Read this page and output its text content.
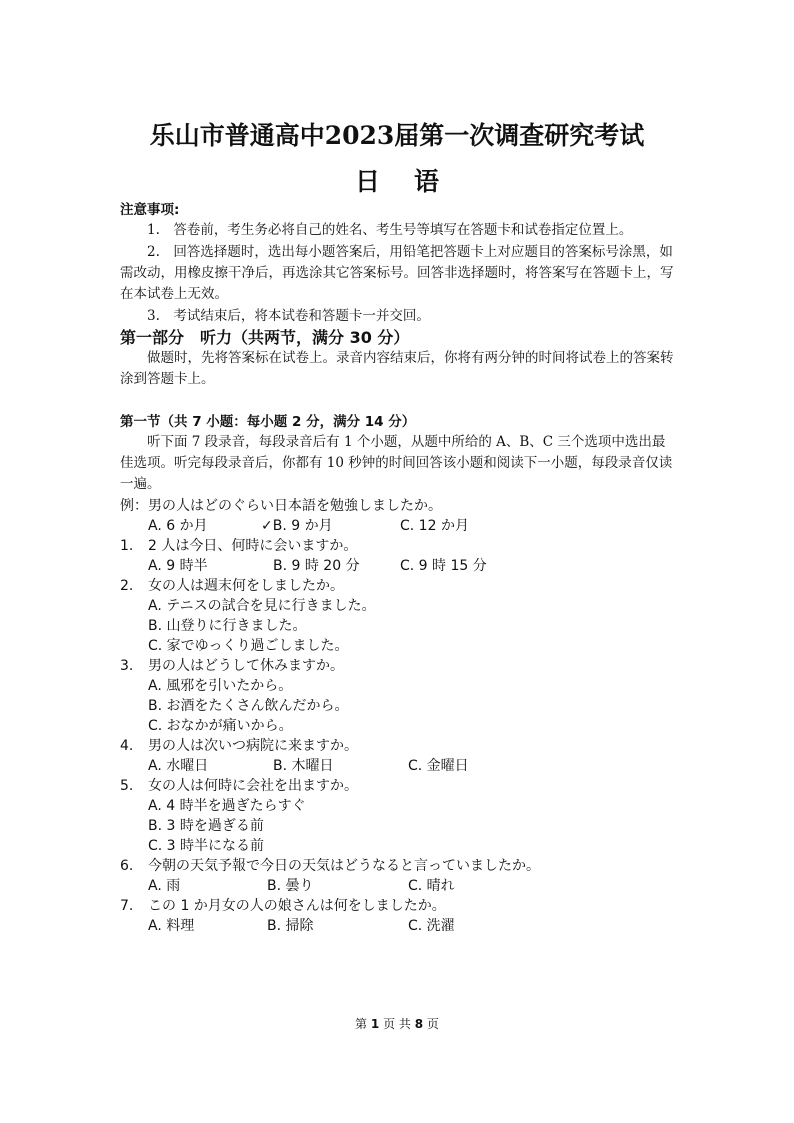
乐山市普通高中2023届第一次调查研究考试
日语
注意事项:
1.　答卷前，考生务必将自己的姓名、考生号等填写在答题卡和试卷指定位置上。
2.　回答选择题时，选出每小题答案后，用铅笔把答题卡上对应题目的答案标号涂黑，如需改动，用橡皮擦干净后，再选涂其它答案标号。回答非选择题时，将答案写在答题卡上，写在本试卷上无效。
3.　考试结束后，将本试卷和答题卡一并交回。
第一部分　听力（共两节，满分 30 分）
做题时，先将答案标在试卷上。录音内容结束后，你将有两分钟的时间将试卷上的答案转涂到答题卡上。
第一节（共 7 小题：每小题 2 分，满分 14 分）
听下面 7 段录音，每段录音后有 1 个小题，从题中所给的 A、B、C 三个选项中选出最佳选项。听完每段录音后，你都有 10 秒钟的时间回答该小题和阅读下一小题，每段录音仅读一遍。
例：男の人はどのぐらい日本語を勉強しましたか。
A. 6 か月	✓B. 9 か月	C. 12 か月
1. 2 人は今日、何時に会いますか。
A. 9 時半	B. 9 時 20 分	C. 9 時 15 分
2. 女の人は週末何をしましたか。
A. テニスの試合を見に行きました。
B. 山登りに行きました。
C. 家でゆっくり過ごしました。
3. 男の人はどうして休みますか。
A. 風邪を引いたから。
B. お酒をたくさん飲んだから。
C. おなかが痛いから。
4. 男の人は次いつ病院に来ますか。
A. 水曜日	B. 木曜日	C. 金曜日
5. 女の人は何時に会社を出ますか。
A. 4 時半を過ぎたらすぐ
B. 3 時を過ぎる前
C. 3 時半になる前
6. 今朝の天気予報で今日の天気はどうなると言っていましたか。
A. 雨	B. 曇り	C. 晴れ
7. この 1 か月女の人の娘さんは何をしましたか。
A. 料理	B. 掃除	C. 洗濯
第 1 页 共 8 页
